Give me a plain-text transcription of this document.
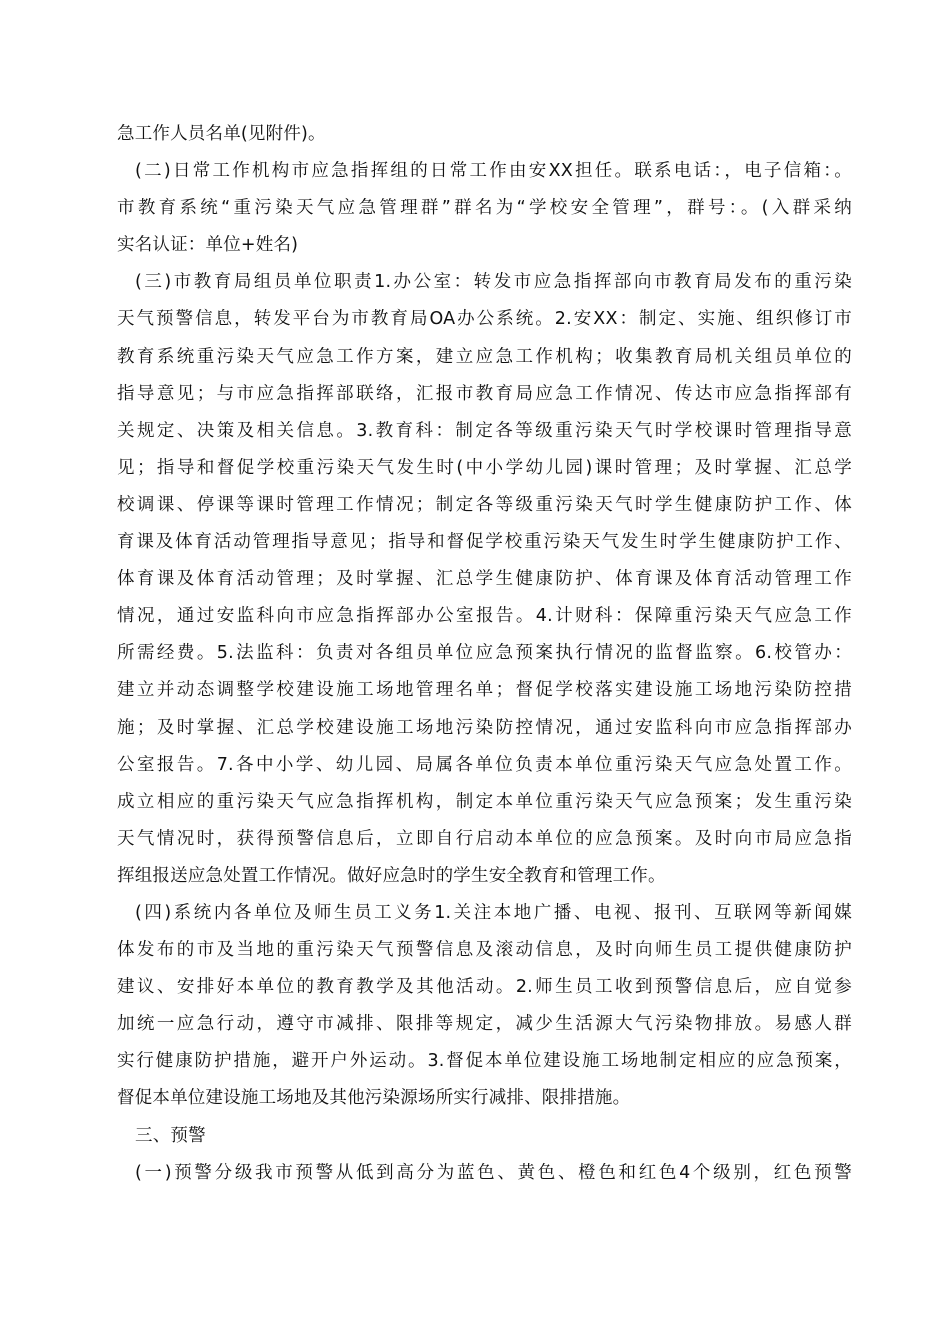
急工作人员名单(见附件)。
(二)日常工作机构市应急指挥组的日常工作由安XX担任。联系电话：，电子信箱：。
市教育系统“重污染天气应急管理群”群名为“学校安全管理”，群号：。(入群采纳
实名认证：单位+姓名)
(三)市教育局组员单位职责1.办公室：转发市应急指挥部向市教育局发布的重污染
天气预警信息，转发平台为市教育局OA办公系统。2.安XX：制定、实施、组织修订市
教育系统重污染天气应急工作方案，建立应急工作机构；收集教育局机关组员单位的
指导意见；与市应急指挥部联络，汇报市教育局应急工作情况、传达市应急指挥部有
关规定、决策及相关信息。3.教育科：制定各等级重污染天气时学校课时管理指导意
见；指导和督促学校重污染天气发生时(中小学幼儿园)课时管理；及时掌握、汇总学
校调课、停课等课时管理工作情况；制定各等级重污染天气时学生健康防护工作、体
育课及体育活动管理指导意见；指导和督促学校重污染天气发生时学生健康防护工作、
体育课及体育活动管理；及时掌握、汇总学生健康防护、体育课及体育活动管理工作
情况，通过安监科向市应急指挥部办公室报告。4.计财科：保障重污染天气应急工作
所需经费。5.法监科：负责对各组员单位应急预案执行情况的监督监察。6.校管办：
建立并动态调整学校建设施工场地管理名单；督促学校落实建设施工场地污染防控措
施；及时掌握、汇总学校建设施工场地污染防控情况，通过安监科向市应急指挥部办
公室报告。7.各中小学、幼儿园、局属各单位负责本单位重污染天气应急处置工作。
成立相应的重污染天气应急指挥机构，制定本单位重污染天气应急预案；发生重污染
天气情况时，获得预警信息后，立即自行启动本单位的应急预案。及时向市局应急指
挥组报送应急处置工作情况。做好应急时的学生安全教育和管理工作。
(四)系统内各单位及师生员工义务1.关注本地广播、电视、报刊、互联网等新闻媒
体发布的市及当地的重污染天气预警信息及滚动信息，及时向师生员工提供健康防护
建议、安排好本单位的教育教学及其他活动。2.师生员工收到预警信息后，应自觉参
加统一应急行动，遵守市减排、限排等规定，减少生活源大气污染物排放。易感人群
实行健康防护措施，避开户外运动。3.督促本单位建设施工场地制定相应的应急预案，
督促本单位建设施工场地及其他污染源场所实行减排、限排措施。
三、预警
(一)预警分级我市预警从低到高分为蓝色、黄色、橙色和红色4个级别，红色预警
